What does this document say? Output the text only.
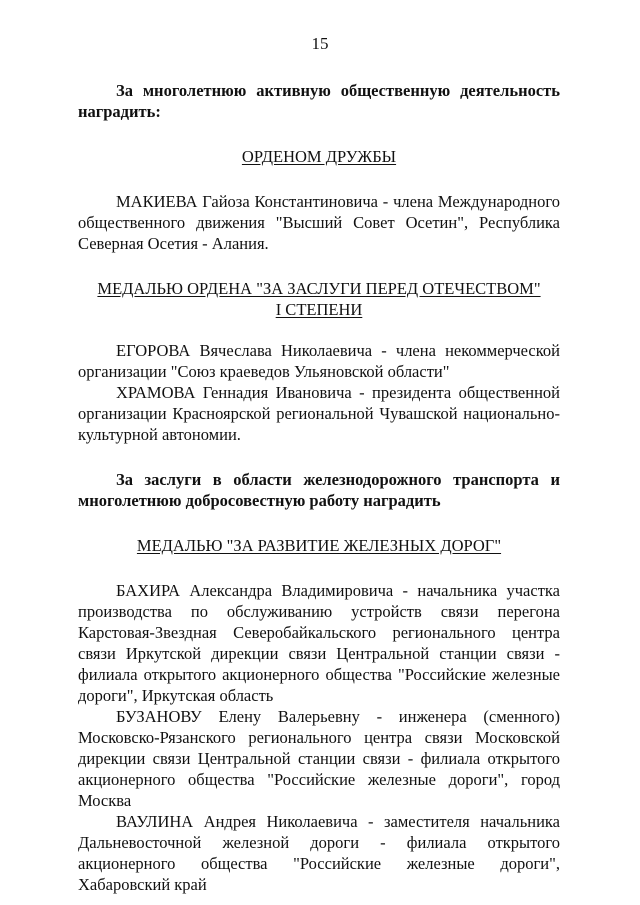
15

За многолетнюю активную общественную деятельность наградить:

ОРДЕНОМ ДРУЖБЫ

МАКИЕВА Гайоза Константиновича - члена Международного общественного движения "Высший Совет Осетин", Республика Северная Осетия - Алания.

МЕДАЛЬЮ ОРДЕНА "ЗА ЗАСЛУГИ ПЕРЕД ОТЕЧЕСТВОМ"

I СТЕПЕНИ

ЕГОРОВА Вячеслава Николаевича - члена некоммерческой организации "Союз краеведов Ульяновской области"

ХРАМОВА Геннадия Ивановича - президента общественной организации Красноярской региональной Чувашской национально-культурной автономии.

За заслуги в области железнодорожного транспорта и многолетнюю добросовестную работу наградить

МЕДАЛЬЮ "ЗА РАЗВИТИЕ ЖЕЛЕЗНЫХ ДОРОГ"

БАХИРА Александра Владимировича - начальника участка производства по обслуживанию устройств связи перегона Карстовая-Звездная Северобайкальского регионального центра связи Иркутской дирекции связи Центральной станции связи - филиала открытого акционерного общества "Российские железные дороги", Иркутская область

БУЗАНОВУ Елену Валерьевну - инженера (сменного) Московско-Рязанского регионального центра связи Московской дирекции связи Центральной станции связи - филиала открытого акционерного общества "Российские железные дороги", город Москва

ВАУЛИНА Андрея Николаевича - заместителя начальника Дальневосточной железной дороги - филиала открытого акционерного общества "Российские железные дороги", Хабаровский край
